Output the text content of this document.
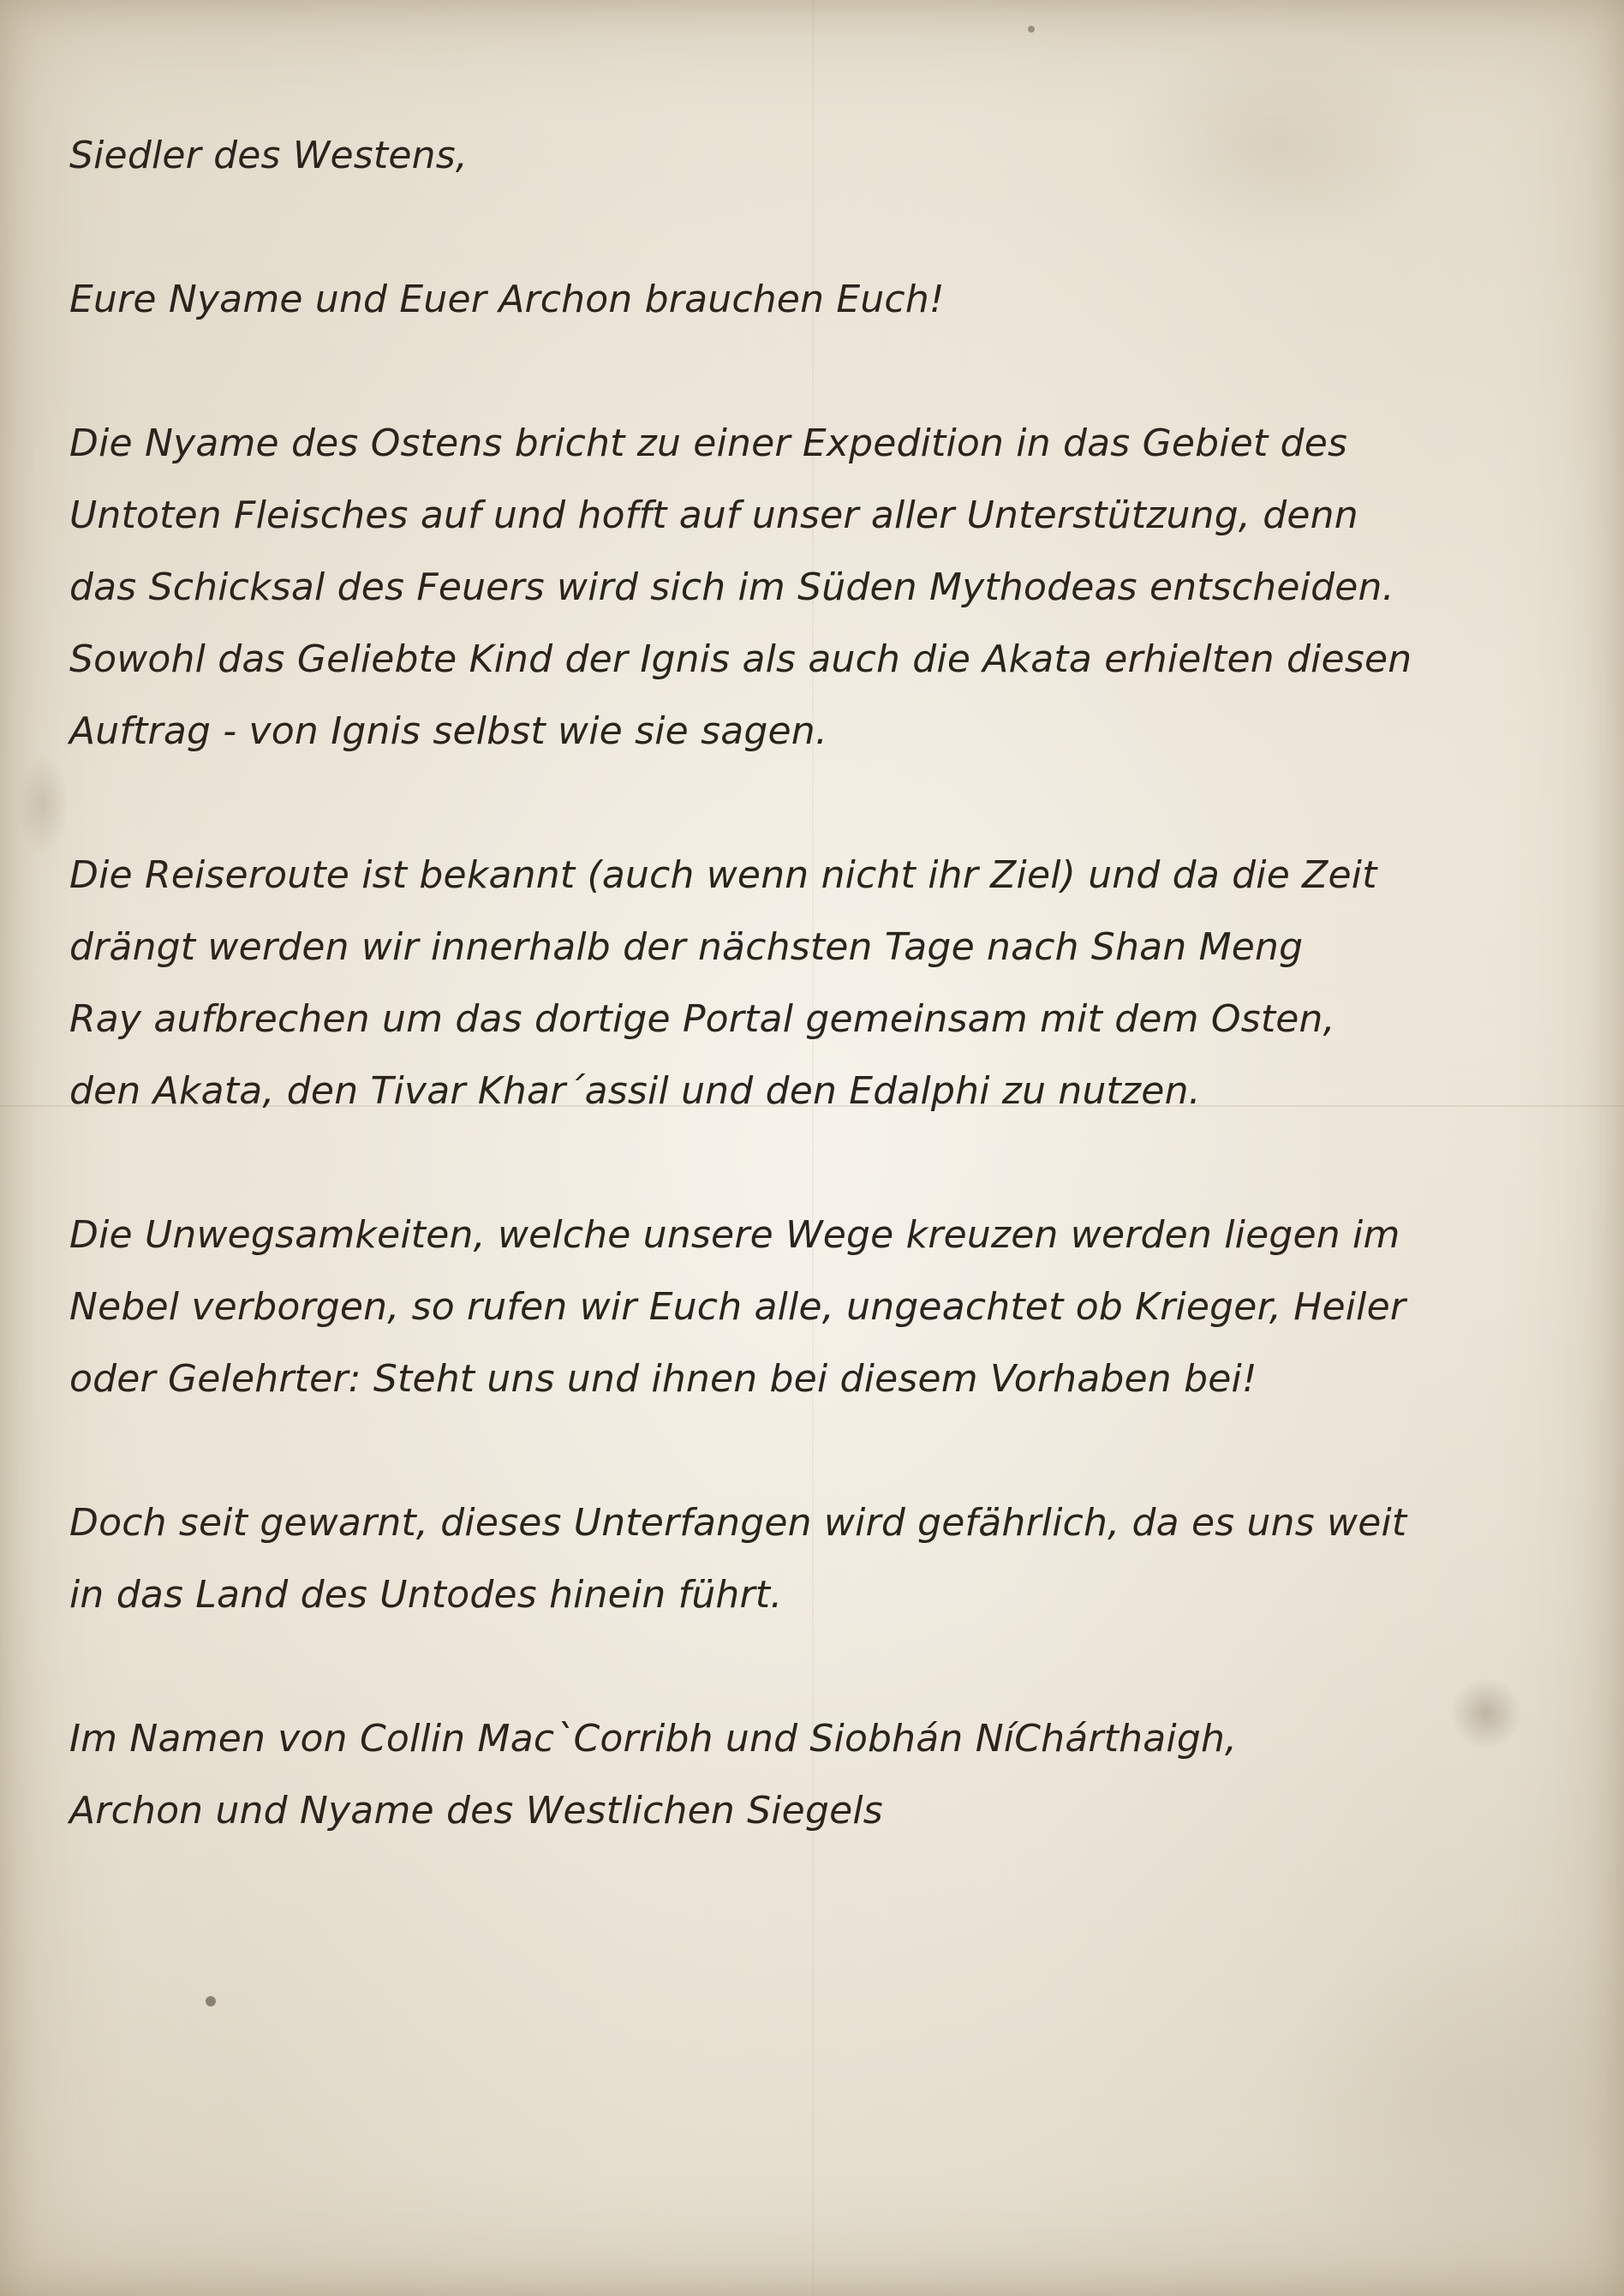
Siedler des Westens,

Eure Nyame und Euer Archon brauchen Euch!

Die Nyame des Ostens bricht zu einer Expedition in das Gebiet des
Untoten Fleisches auf und hofft auf unser aller Unterstützung, denn
das Schicksal des Feuers wird sich im Süden Mythodeas entscheiden.
Sowohl das Geliebte Kind der Ignis als auch die Akata erhielten diesen
Auftrag - von Ignis selbst wie sie sagen.

Die Reiseroute ist bekannt (auch wenn nicht ihr Ziel) und da die Zeit
drängt werden wir innerhalb der nächsten Tage nach Shan Meng
Ray aufbrechen um das dortige Portal gemeinsam mit dem Osten,
den Akata, den Tivar Khar´assil und den Edalphi zu nutzen.

Die Unwegsamkeiten, welche unsere Wege kreuzen werden liegen im
Nebel verborgen, so rufen wir Euch alle, ungeachtet ob Krieger, Heiler
oder Gelehrter: Steht uns und ihnen bei diesem Vorhaben bei!

Doch seit gewarnt, dieses Unterfangen wird gefährlich, da es uns weit
in das Land des Untodes hinein führt.

Im Namen von Collin Mac`Corribh und Siobhán NíChárthaigh,
Archon und Nyame des Westlichen Siegels
